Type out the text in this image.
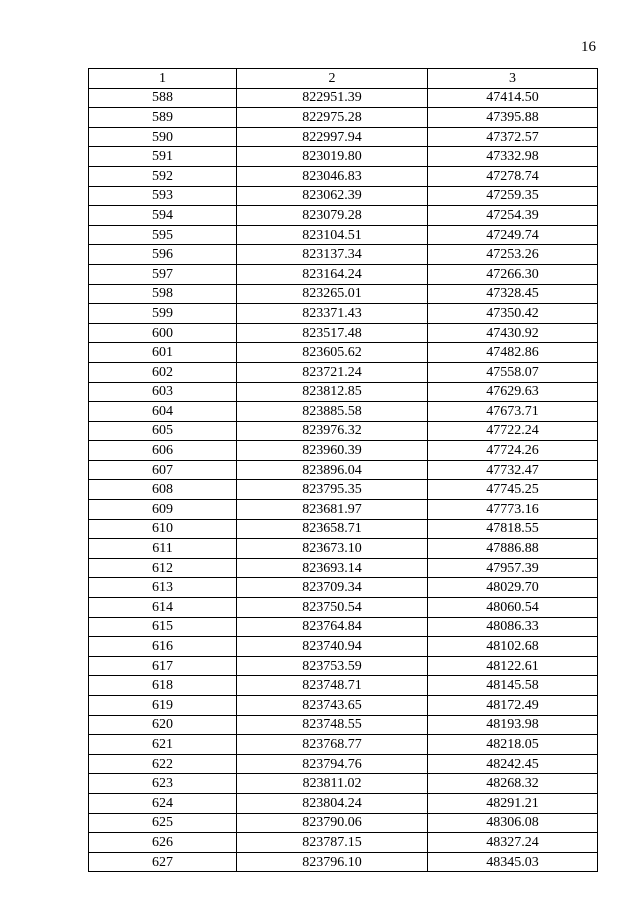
16
1	2	3
588	822951.39	47414.50
589	822975.28	47395.88
590	822997.94	47372.57
591	823019.80	47332.98
592	823046.83	47278.74
593	823062.39	47259.35
594	823079.28	47254.39
595	823104.51	47249.74
596	823137.34	47253.26
597	823164.24	47266.30
598	823265.01	47328.45
599	823371.43	47350.42
600	823517.48	47430.92
601	823605.62	47482.86
602	823721.24	47558.07
603	823812.85	47629.63
604	823885.58	47673.71
605	823976.32	47722.24
606	823960.39	47724.26
607	823896.04	47732.47
608	823795.35	47745.25
609	823681.97	47773.16
610	823658.71	47818.55
611	823673.10	47886.88
612	823693.14	47957.39
613	823709.34	48029.70
614	823750.54	48060.54
615	823764.84	48086.33
616	823740.94	48102.68
617	823753.59	48122.61
618	823748.71	48145.58
619	823743.65	48172.49
620	823748.55	48193.98
621	823768.77	48218.05
622	823794.76	48242.45
623	823811.02	48268.32
624	823804.24	48291.21
625	823790.06	48306.08
626	823787.15	48327.24
627	823796.10	48345.03
